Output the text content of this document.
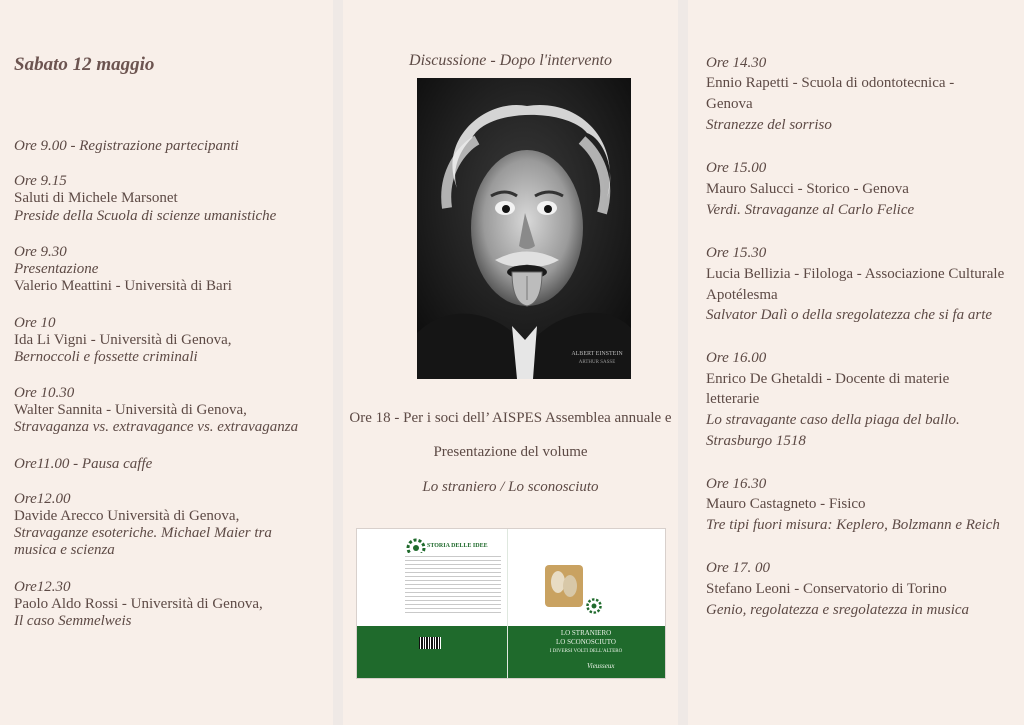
Sabato 12 maggio
Ore 9.00 - Registrazione partecipanti
Ore 9.15
Saluti di Michele Marsonet
Preside della Scuola di scienze umanistiche
Ore 9.30
Presentazione
Valerio Meattini - Università di Bari
Ore 10
Ida Li Vigni - Università di Genova,
Bernoccoli e fossette criminali
Ore 10.30
Walter Sannita - Università di Genova,
Stravaganza vs. extravagance vs. extravaganza
Ore11.00 - Pausa caffe
Ore12.00
Davide Arecco Università di Genova,
Stravaganze esoteriche. Michael Maier tra
musica e scienza
Ore12.30
Paolo Aldo Rossi - Università di Genova,
Il caso Semmelweis
Discussione - Dopo l'intervento
ALBERT EINSTEIN
ARTHUR SASSE
Ore 18 - Per i soci dell’ AISPES Assemblea annuale e
Presentazione del volume
Lo straniero / Lo sconosciuto
STORIA DELLE IDEE
LO STRANIERO
LO SCONOSCIUTO
I DIVERSI VOLTI DELL'ALTERO
Vieusseux
Ore 14.30
Ennio Rapetti - Scuola di odontotecnica -
Genova
Stranezze del sorriso
Ore 15.00
Mauro Salucci - Storico - Genova
Verdi. Stravaganze al Carlo Felice
Ore 15.30
Lucia Bellizia - Filologa - Associazione Culturale
Apotélesma
Salvator Dalì o della sregolatezza che si fa arte
Ore 16.00
Enrico De Ghetaldi - Docente di materie
letterarie
Lo stravagante caso della piaga del ballo.
Strasburgo 1518
Ore 16.30
Mauro Castagneto - Fisico
Tre tipi fuori misura: Keplero, Bolzmann e Reich
Ore 17. 00
Stefano Leoni - Conservatorio di Torino
Genio, regolatezza e sregolatezza in musica
